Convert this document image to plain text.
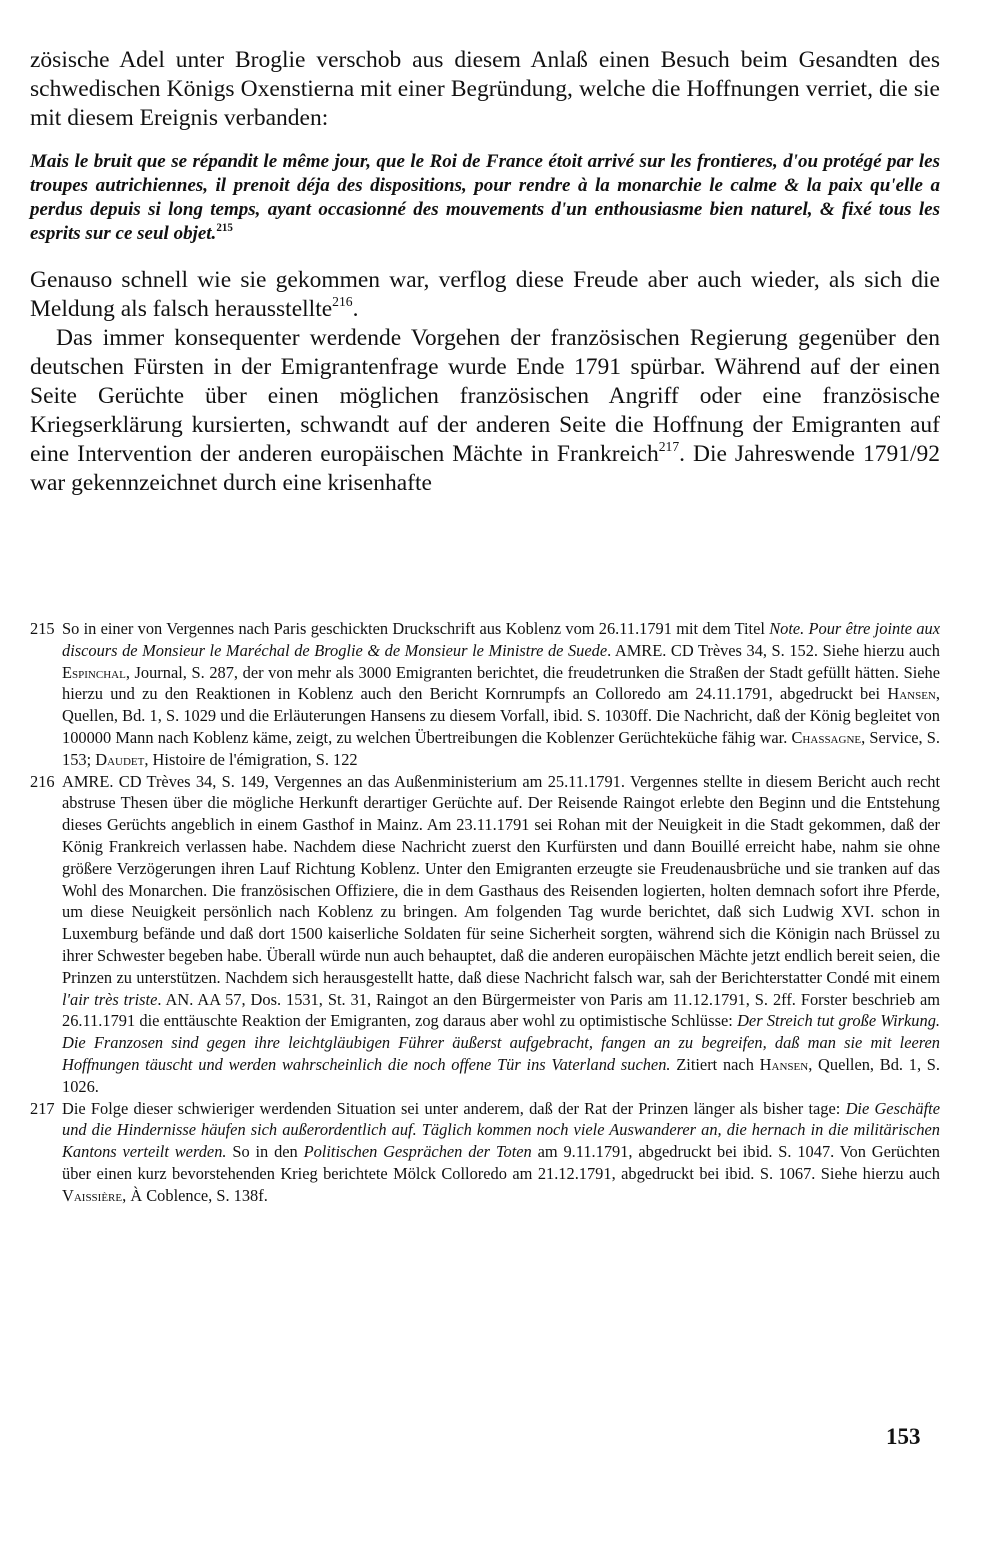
zösische Adel unter Broglie verschob aus diesem Anlaß einen Besuch beim Gesandten des schwedischen Königs Oxenstierna mit einer Begründung, welche die Hoffnungen verriet, die sie mit diesem Ereignis verbanden:

Mais le bruit que se répandit le même jour, que le Roi de France étoit arrivé sur les frontieres, d'ou protégé par les troupes autrichiennes, il prenoit déja des dispositions, pour rendre à la monarchie le calme & la paix qu'elle a perdus depuis si long temps, ayant occasionné des mouvements d'un enthousiasme bien naturel, & fixé tous les esprits sur ce seul objet.$^{215}$

Genauso schnell wie sie gekommen war, verflog diese Freude aber auch wieder, als sich die Meldung als falsch herausstellte$^{216}$.

Das immer konsequenter werdende Vorgehen der französischen Regierung gegenüber den deutschen Fürsten in der Emigrantenfrage wurde Ende 1791 spürbar. Während auf der einen Seite Gerüchte über einen möglichen französischen Angriff oder eine französische Kriegserklärung kursierten, schwandt auf der anderen Seite die Hoffnung der Emigranten auf eine Intervention der anderen europäischen Mächte in Frankreich$^{217}$. Die Jahreswende 1791/92 war gekennzeichnet durch eine krisenhafte

215 So in einer von Vergennes nach Paris geschickten Druckschrift aus Koblenz vom 26.11.1791 mit dem Titel Note. Pour être jointe aux discours de Monsieur le Maréchal de Broglie & de Monsieur le Ministre de Suede. AMRE. CD Trèves 34, S. 152. Siehe hierzu auch Espinchal, Journal, S. 287, der von mehr als 3000 Emigranten berichtet, die freudetrunken die Straßen der Stadt gefüllt hätten. Siehe hierzu und zu den Reaktionen in Koblenz auch den Bericht Kornrumpfs an Colloredo am 24.11.1791, abgedruckt bei Hansen, Quellen, Bd. 1, S. 1029 und die Erläuterungen Hansens zu diesem Vorfall, ibid. S. 1030ff. Die Nachricht, daß der König begleitet von 100000 Mann nach Koblenz käme, zeigt, zu welchen Übertreibungen die Koblenzer Gerüchteküche fähig war. Chassagne, Service, S. 153; Daudet, Histoire de l'émigration, S. 122
216 AMRE. CD Trèves 34, S. 149, Vergennes an das Außenministerium am 25.11.1791. Vergennes stellte in diesem Bericht auch recht abstruse Thesen über die mögliche Herkunft derartiger Gerüchte auf. Der Reisende Raingot erlebte den Beginn und die Entstehung dieses Gerüchts angeblich in einem Gasthof in Mainz. Am 23.11.1791 sei Rohan mit der Neuigkeit in die Stadt gekommen, daß der König Frankreich verlassen habe. Nachdem diese Nachricht zuerst den Kurfürsten und dann Bouillé erreicht habe, nahm sie ohne größere Verzögerungen ihren Lauf Richtung Koblenz. Unter den Emigranten erzeugte sie Freudenausbrüche und sie tranken auf das Wohl des Monarchen. Die französischen Offiziere, die in dem Gasthaus des Reisenden logierten, holten demnach sofort ihre Pferde, um diese Neuigkeit persönlich nach Koblenz zu bringen. Am folgenden Tag wurde berichtet, daß sich Ludwig XVI. schon in Luxemburg befände und daß dort 1500 kaiserliche Soldaten für seine Sicherheit sorgten, während sich die Königin nach Brüssel zu ihrer Schwester begeben habe. Überall würde nun auch behauptet, daß die anderen europäischen Mächte jetzt endlich bereit seien, die Prinzen zu unterstützen. Nachdem sich herausgestellt hatte, daß diese Nachricht falsch war, sah der Berichterstatter Condé mit einem l'air très triste. AN. AA 57, Dos. 1531, St. 31, Raingot an den Bürgermeister von Paris am 11.12.1791, S. 2ff. Forster beschrieb am 26.11.1791 die enttäuschte Reaktion der Emigranten, zog daraus aber wohl zu optimistische Schlüsse: Der Streich tut große Wirkung. Die Franzosen sind gegen ihre leichtgläubigen Führer äußerst aufgebracht, fangen an zu begreifen, daß man sie mit leeren Hoffnungen täuscht und werden wahrscheinlich die noch offene Tür ins Vaterland suchen. Zitiert nach Hansen, Quellen, Bd. 1, S. 1026.
217 Die Folge dieser schwieriger werdenden Situation sei unter anderem, daß der Rat der Prinzen länger als bisher tage: Die Geschäfte und die Hindernisse häufen sich außerordentlich auf. Täglich kommen noch viele Auswanderer an, die hernach in die militärischen Kantons verteilt werden. So in den Politischen Gesprächen der Toten am 9.11.1791, abgedruckt bei ibid. S. 1047. Von Gerüchten über einen kurz bevorstehenden Krieg berichtete Mölck Colloredo am 21.12.1791, abgedruckt bei ibid. S. 1067. Siehe hierzu auch Vaissière, À Coblence, S. 138f.
153
